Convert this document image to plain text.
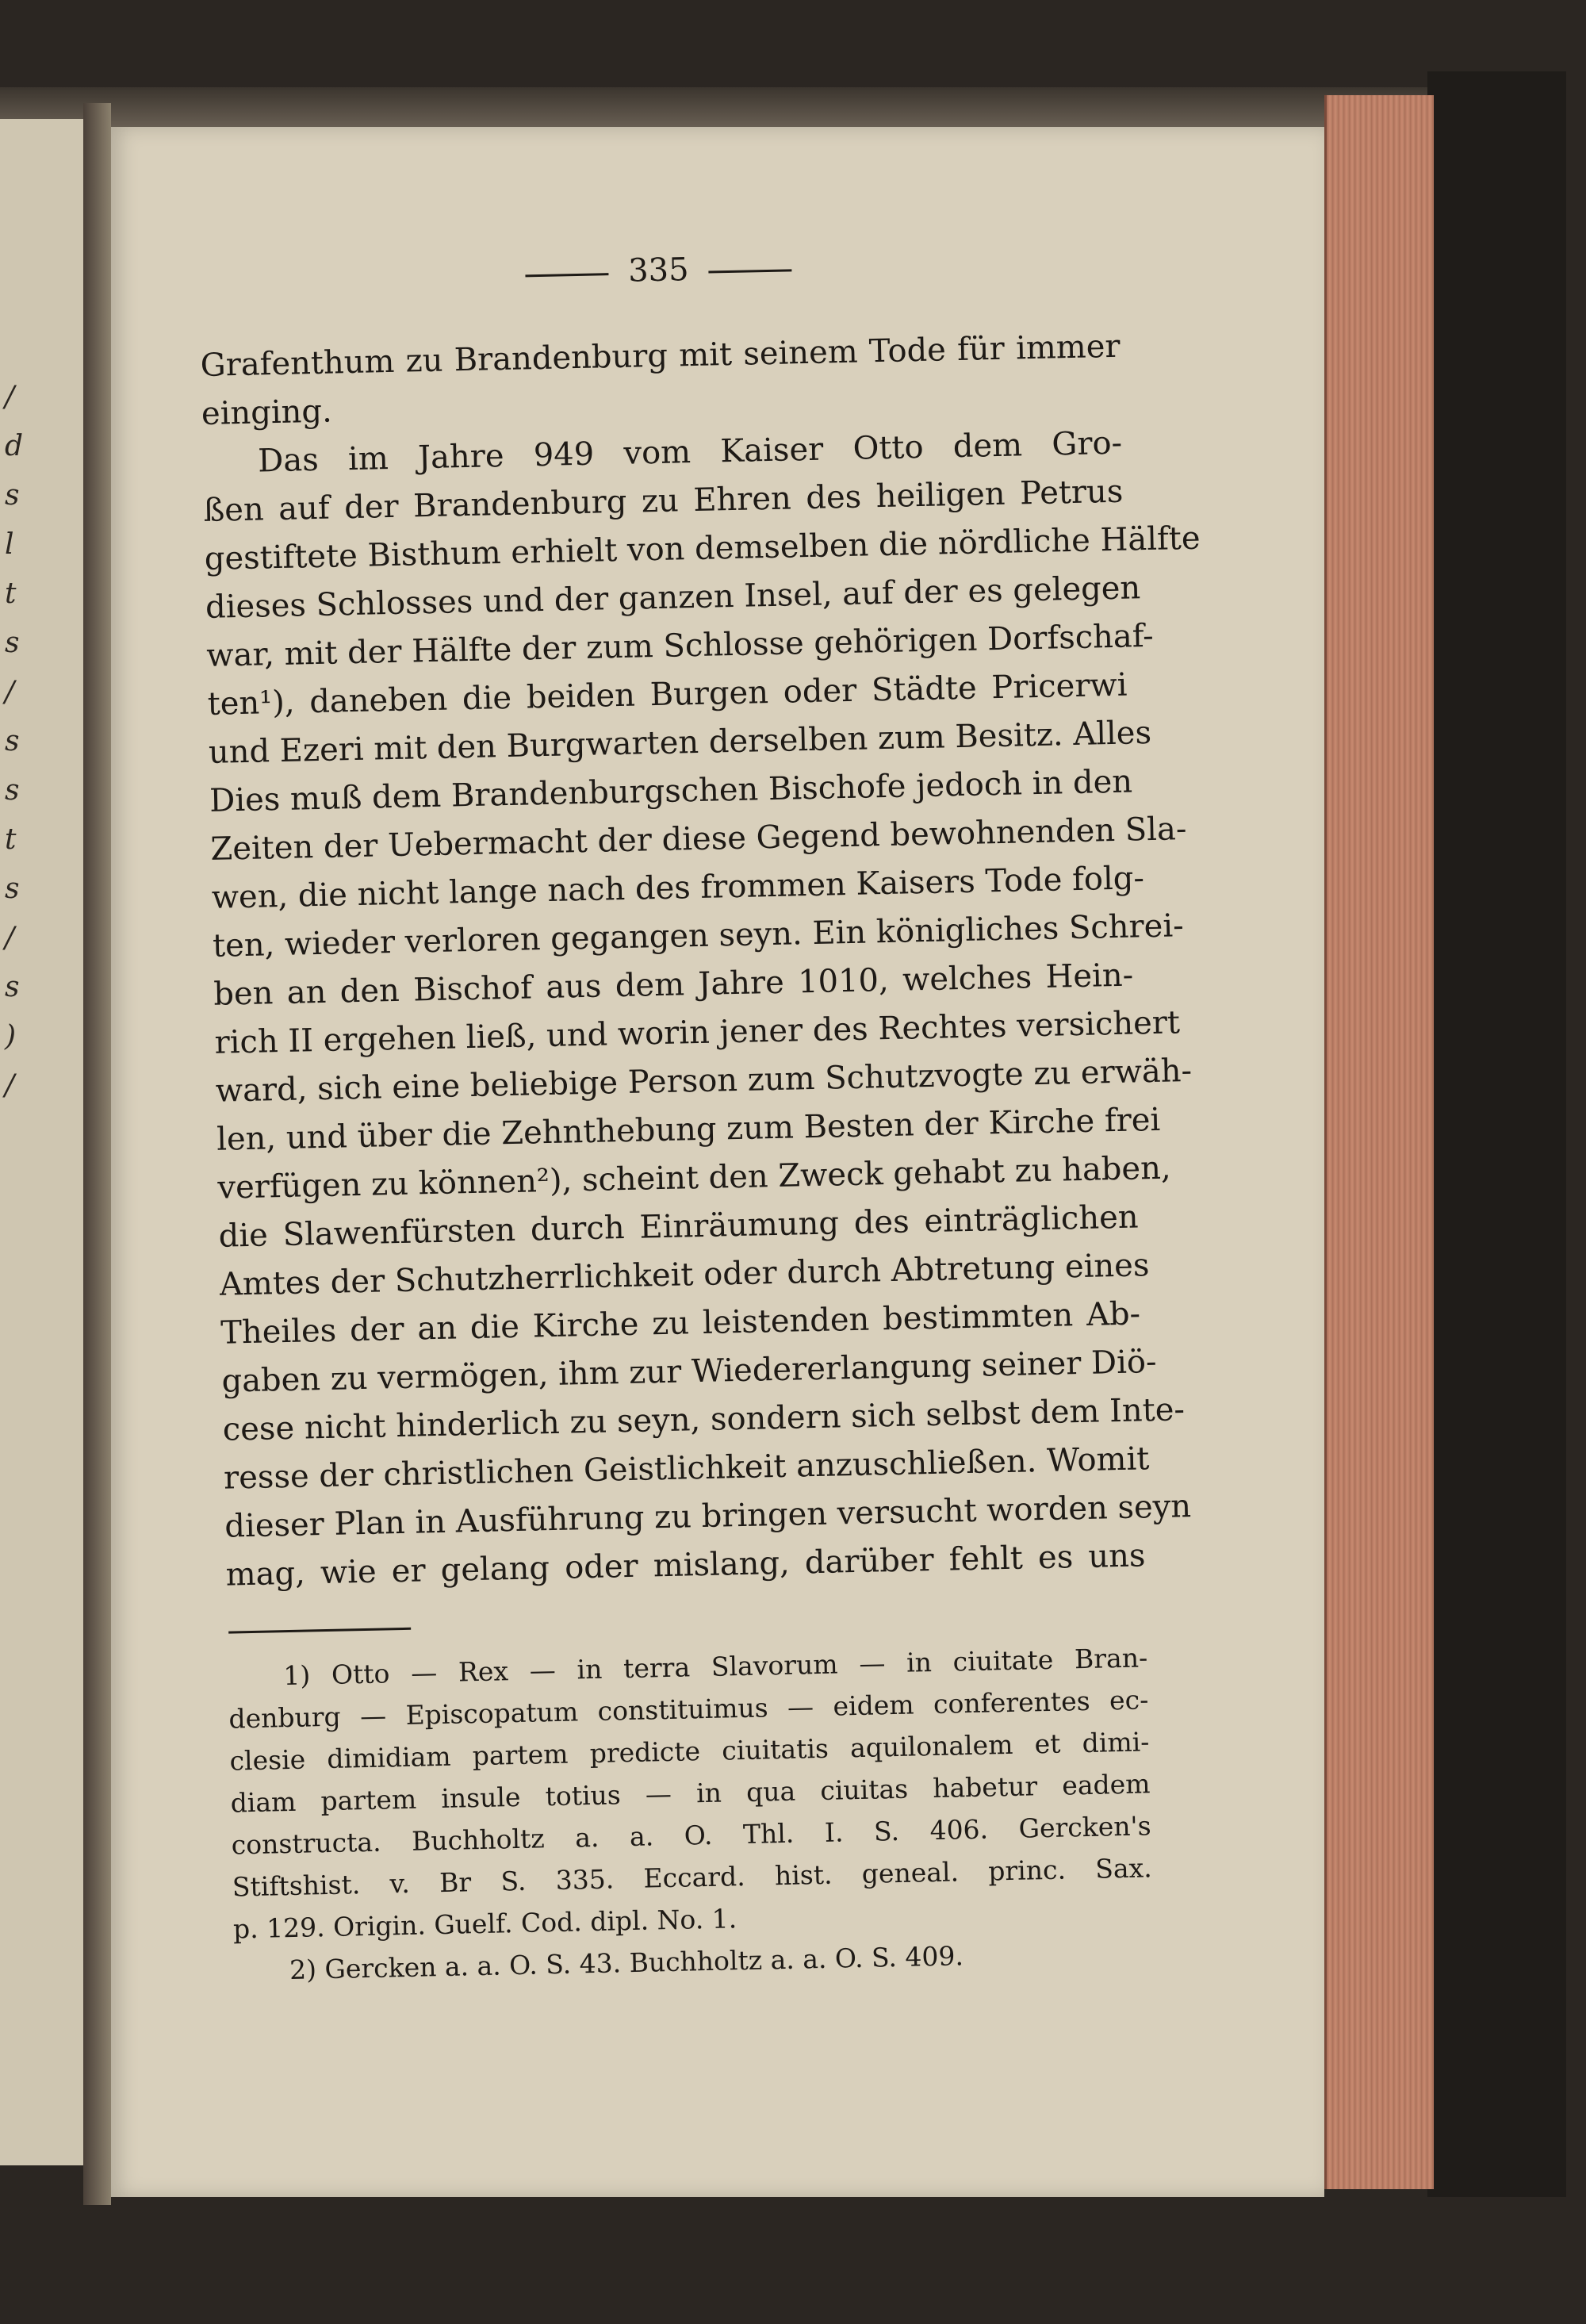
/
d
s
l
t
s
/
s
s
t
s
/
s
)
/
335

Grafenthum zu Brandenburg mit seinem Tode für immer
einging.

Das im Jahre 949 vom Kaiser Otto dem Gro-
ßen auf der Brandenburg zu Ehren des heiligen Petrus
gestiftete Bisthum erhielt von demselben die nördliche Hälfte
dieses Schlosses und der ganzen Insel, auf der es gelegen
war, mit der Hälfte der zum Schlosse gehörigen Dorfschaf-
ten¹), daneben die beiden Burgen oder Städte Pricerwi
und Ezeri mit den Burgwarten derselben zum Besitz. Alles
Dies muß dem Brandenburgschen Bischofe jedoch in den
Zeiten der Uebermacht der diese Gegend bewohnenden Sla-
wen, die nicht lange nach des frommen Kaisers Tode folg-
ten, wieder verloren gegangen seyn. Ein königliches Schrei-
ben an den Bischof aus dem Jahre 1010, welches Hein-
rich II ergehen ließ, und worin jener des Rechtes versichert
ward, sich eine beliebige Person zum Schutzvogte zu erwäh-
len, und über die Zehnthebung zum Besten der Kirche frei
verfügen zu können²), scheint den Zweck gehabt zu haben,
die Slawenfürsten durch Einräumung des einträglichen
Amtes der Schutzherrlichkeit oder durch Abtretung eines
Theiles der an die Kirche zu leistenden bestimmten Ab-
gaben zu vermögen, ihm zur Wiedererlangung seiner Diö-
cese nicht hinderlich zu seyn, sondern sich selbst dem Inte-
resse der christlichen Geistlichkeit anzuschließen. Womit
dieser Plan in Ausführung zu bringen versucht worden seyn
mag, wie er gelang oder mislang, darüber fehlt es uns

1) Otto — Rex — in terra Slavorum — in ciuitate Bran-
denburg — Episcopatum constituimus — eidem conferentes ec-
clesie dimidiam partem predicte ciuitatis aquilonalem et dimi-
diam partem insule totius — in qua ciuitas habetur eadem
constructa. Buchholtz a. a. O. Thl. I. S. 406. Gercken's
Stiftshist. v. Br S. 335. Eccard. hist. geneal. princ. Sax.
p. 129. Origin. Guelf. Cod. dipl. No. 1.
2) Gercken a. a. O. S. 43. Buchholtz a. a. O. S. 409.
